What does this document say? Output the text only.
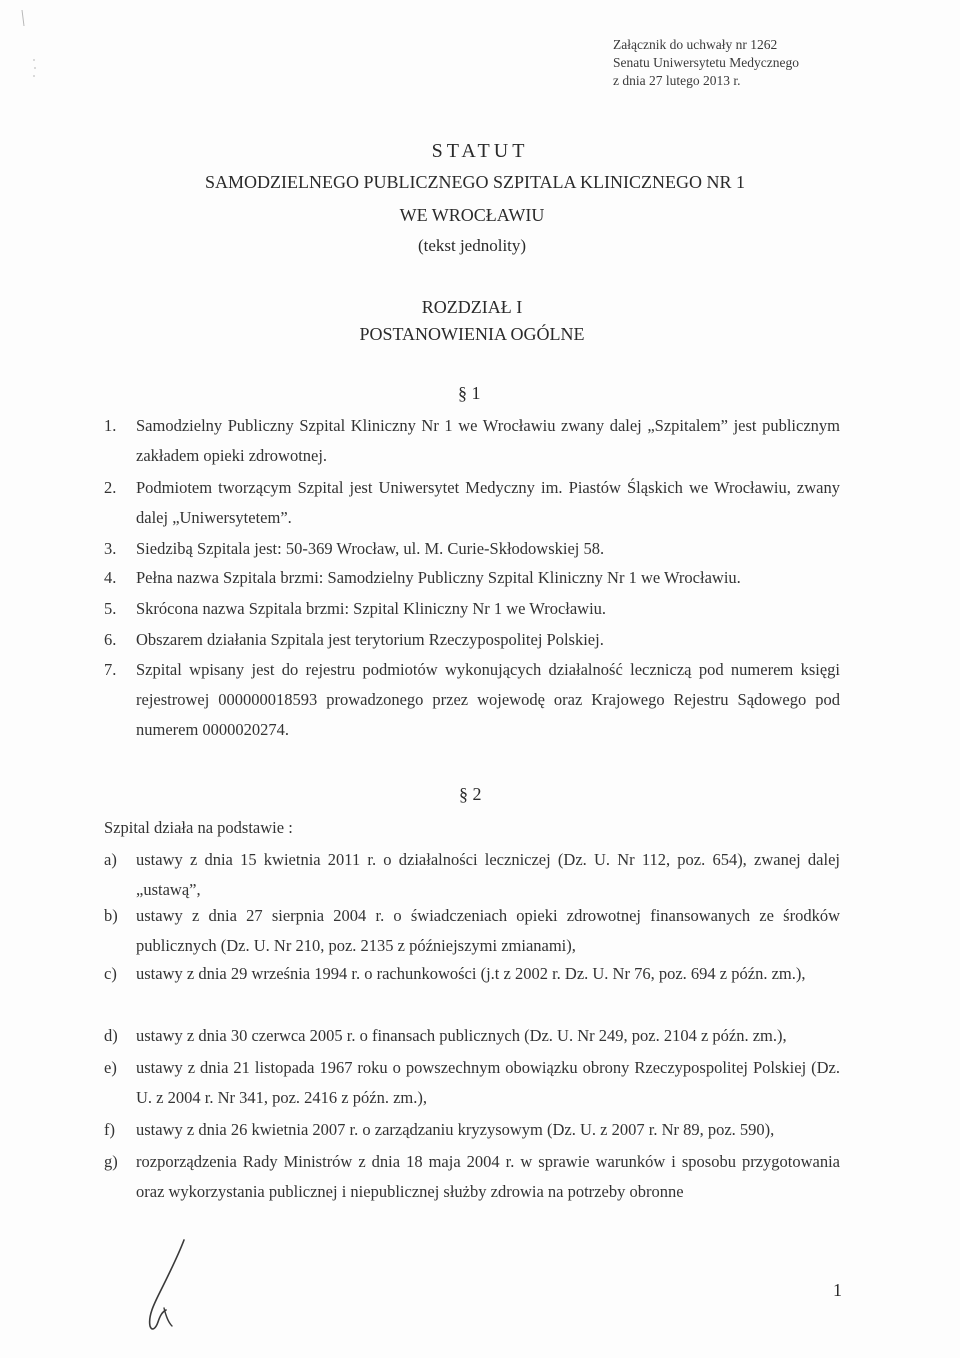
Załącznik do uchwały nr 1262
Senatu Uniwersytetu Medycznego
z dnia 27 lutego 2013 r.
STATUT
SAMODZIELNEGO PUBLICZNEGO SZPITALA KLINICZNEGO NR 1
WE WROCŁAWIU
(tekst jednolity)
ROZDZIAŁ I
POSTANOWIENIA OGÓLNE
§ 1
1. Samodzielny Publiczny Szpital Kliniczny Nr 1 we Wrocławiu zwany dalej „Szpitalem” jest publicznym zakładem opieki zdrowotnej.
2. Podmiotem tworzącym Szpital jest Uniwersytet Medyczny im. Piastów Śląskich we Wrocławiu, zwany dalej „Uniwersytetem”.
3. Siedzibą Szpitala jest: 50-369 Wrocław, ul. M. Curie-Skłodowskiej 58.
4. Pełna nazwa Szpitala brzmi: Samodzielny Publiczny Szpital Kliniczny Nr 1 we Wrocławiu.
5. Skrócona nazwa Szpitala brzmi: Szpital Kliniczny Nr 1 we Wrocławiu.
6. Obszarem działania Szpitala jest terytorium Rzeczypospolitej Polskiej.
7. Szpital wpisany jest do rejestru podmiotów wykonujących działalność leczniczą pod numerem księgi rejestrowej 000000018593 prowadzonego przez wojewodę oraz Krajowego Rejestru Sądowego pod numerem 0000020274.
§ 2
Szpital działa na podstawie :
a) ustawy z dnia 15 kwietnia 2011 r. o działalności leczniczej (Dz. U. Nr 112, poz. 654), zwanej dalej „ustawą”,
b) ustawy z dnia 27 sierpnia 2004 r. o świadczeniach opieki zdrowotnej finansowanych ze środków publicznych (Dz. U. Nr 210, poz. 2135 z późniejszymi zmianami),
c) ustawy z dnia 29 września 1994 r. o rachunkowości (j.t z 2002 r. Dz. U. Nr 76, poz. 694 z późn. zm.),
d) ustawy z dnia 30 czerwca 2005 r. o finansach publicznych (Dz. U. Nr 249, poz. 2104 z późn. zm.),
e) ustawy z dnia 21 listopada 1967 roku o powszechnym obowiązku obrony Rzeczypospolitej Polskiej (Dz. U. z 2004 r. Nr 341, poz. 2416 z późn. zm.),
f) ustawy z dnia 26 kwietnia 2007 r. o zarządzaniu kryzysowym (Dz. U. z 2007 r. Nr 89, poz. 590),
g) rozporządzenia Rady Ministrów z dnia 18 maja 2004 r. w sprawie warunków i sposobu przygotowania oraz wykorzystania publicznej i niepublicznej służby zdrowia na potrzeby obronne
1
